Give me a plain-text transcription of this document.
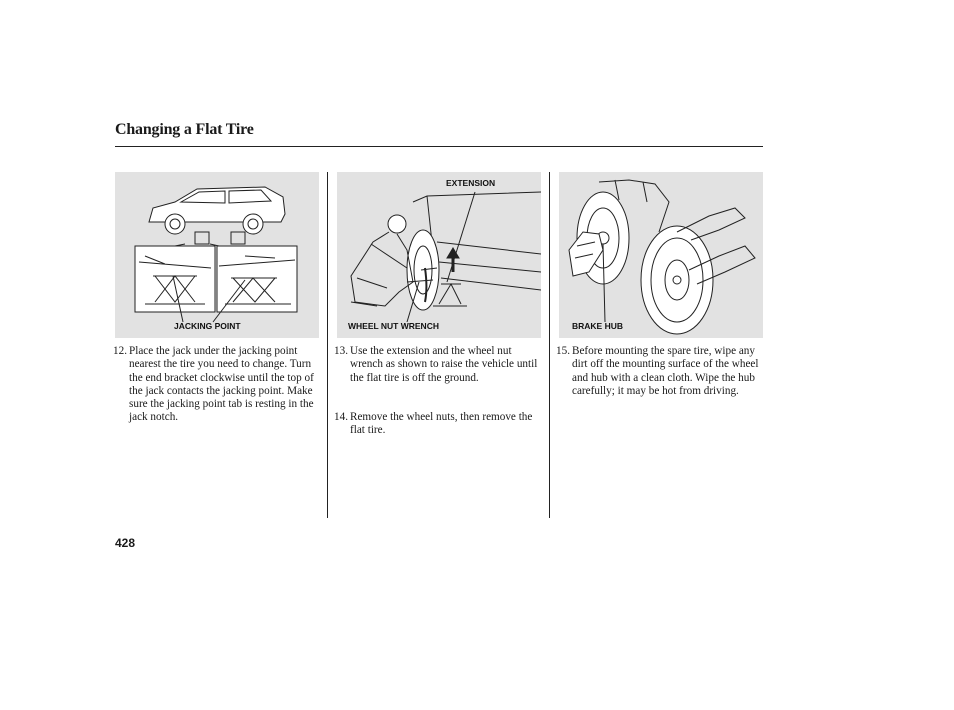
Changing a Flat Tire
JACKING POINT
EXTENSION
WHEEL NUT WRENCH	BRAKE HUB
12. Place the jack under the jacking point nearest the tire you need to change. Turn the end bracket clockwise until the top of the jack contacts the jacking point. Make sure the jacking point tab is resting in the jack notch.
13. Use the extension and the wheel nut wrench as shown to raise the vehicle until the flat tire is off the ground.
14. Remove the wheel nuts, then remove the flat tire.
15. Before mounting the spare tire, wipe any dirt off the mounting surface of the wheel and hub with a clean cloth. Wipe the hub carefully; it may be hot from driving.
428
